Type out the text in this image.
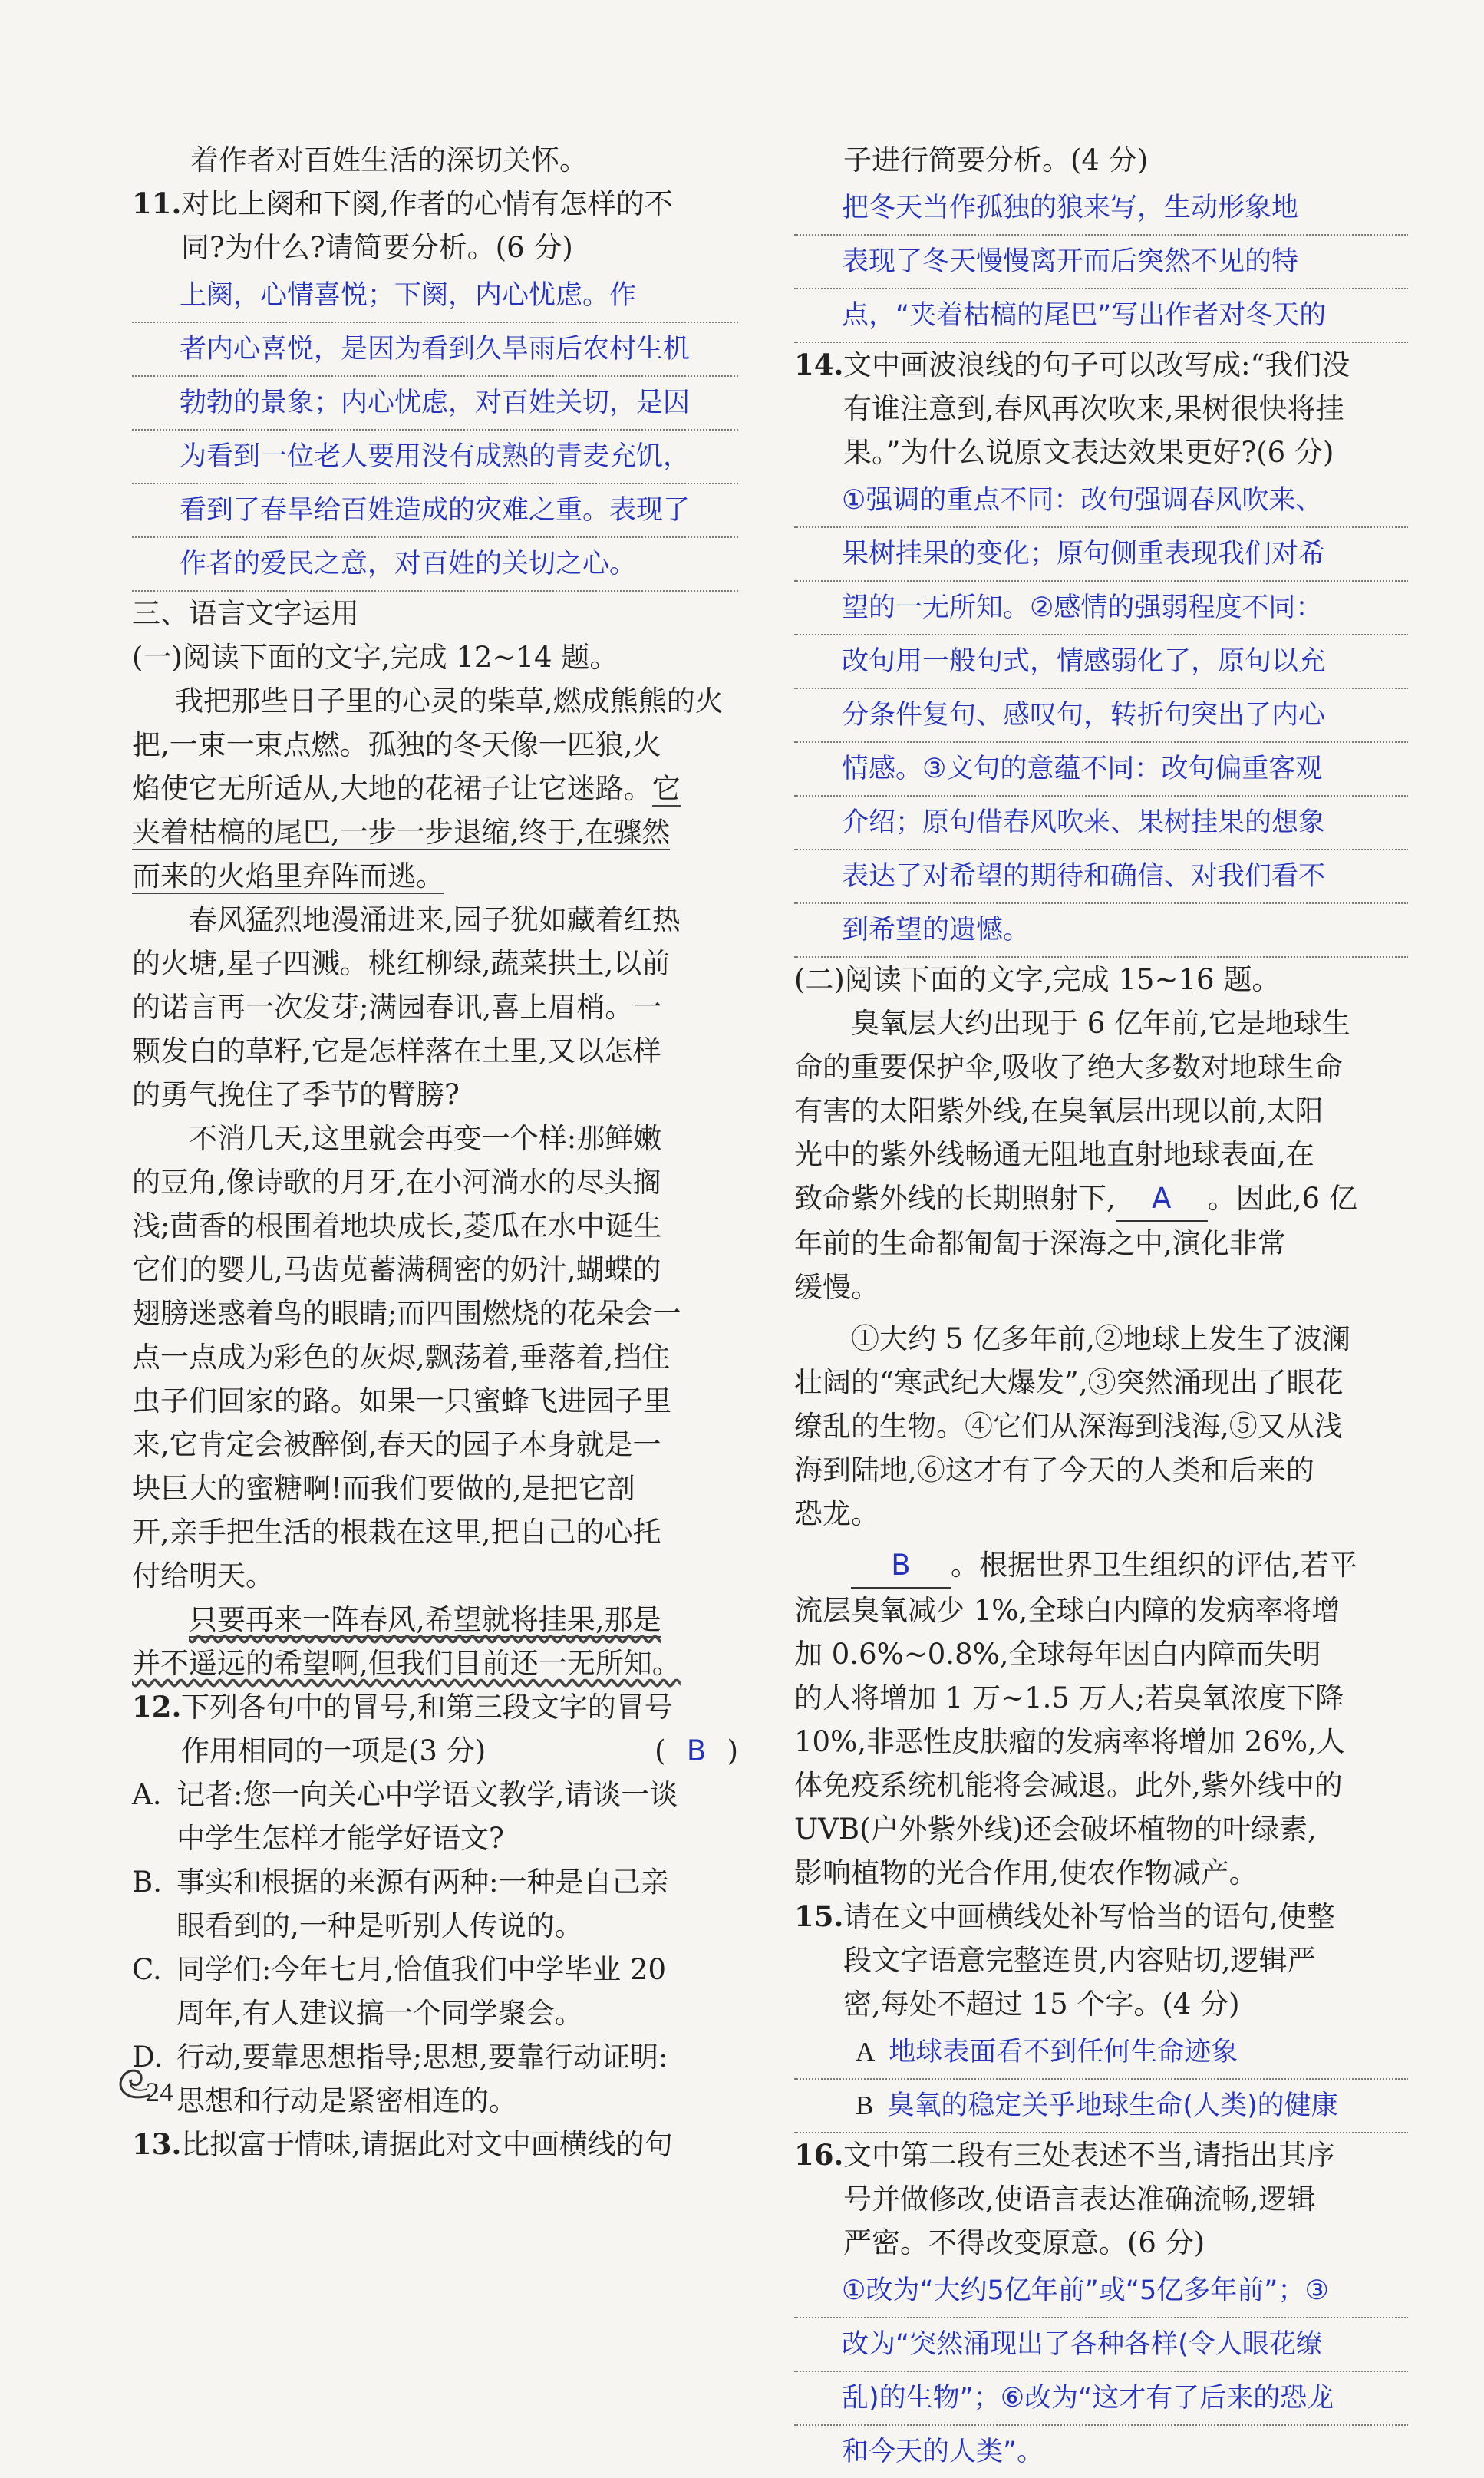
着作者对百姓生活的深切关怀。
11.对比上阕和下阕,作者的心情有怎样的不
同?为什么?请简要分析。(6 分)
上阕，心情喜悦；下阕，内心忧虑。作
者内心喜悦，是因为看到久旱雨后农村生机
勃勃的景象；内心忧虑，对百姓关切，是因
为看到一位老人要用没有成熟的青麦充饥，
看到了春旱给百姓造成的灾难之重。表现了
作者的爱民之意，对百姓的关切之心。
三、语言文字运用
(一)阅读下面的文字,完成 12~14 题。
我把那些日子里的心灵的柴草,燃成熊熊的火
把,一束一束点燃。孤独的冬天像一匹狼,火
焰使它无所适从,大地的花裙子让它迷路。它
夹着枯槁的尾巴,一步一步退缩,终于,在骤然
而来的火焰里弃阵而逃。
春风猛烈地漫涌进来,园子犹如藏着红热
的火塘,星子四溅。桃红柳绿,蔬菜拱土,以前
的诺言再一次发芽;满园春讯,喜上眉梢。一
颗发白的草籽,它是怎样落在土里,又以怎样
的勇气挽住了季节的臂膀?
不消几天,这里就会再变一个样:那鲜嫩
的豆角,像诗歌的月牙,在小河淌水的尽头搁
浅;茴香的根围着地块成长,菱瓜在水中诞生
它们的婴儿,马齿苋蓄满稠密的奶汁,蝴蝶的
翅膀迷惑着鸟的眼睛;而四围燃烧的花朵会一
点一点成为彩色的灰烬,飘荡着,垂落着,挡住
虫子们回家的路。如果一只蜜蜂飞进园子里
来,它肯定会被醉倒,春天的园子本身就是一
块巨大的蜜糖啊!而我们要做的,是把它剖
开,亲手把生活的根栽在这里,把自己的心托
付给明天。
只要再来一阵春风,希望就将挂果,那是
并不遥远的希望啊,但我们目前还一无所知。
12.下列各句中的冒号,和第三段文字的冒号
作用相同的一项是(3 分)	( B )
A. 记者:您一向关心中学语文教学,请谈一谈
中学生怎样才能学好语文?
B. 事实和根据的来源有两种:一种是自己亲
眼看到的,一种是听别人传说的。
C. 同学们:今年七月,恰值我们中学毕业 20
周年,有人建议搞一个同学聚会。
D. 行动,要靠思想指导;思想,要靠行动证明:
思想和行动是紧密相连的。
13.比拟富于情味,请据此对文中画横线的句
子进行简要分析。(4 分)
把冬天当作孤独的狼来写，生动形象地
表现了冬天慢慢离开而后突然不见的特
点，“夹着枯槁的尾巴”写出作者对冬天的
14.文中画波浪线的句子可以改写成:“我们没
有谁注意到,春风再次吹来,果树很快将挂
果。”为什么说原文表达效果更好?(6 分)
①强调的重点不同：改句强调春风吹来、
果树挂果的变化；原句侧重表现我们对希
望的一无所知。②感情的强弱程度不同：
改句用一般句式，情感弱化了，原句以充
分条件复句、感叹句，转折句突出了内心
情感。③文句的意蕴不同：改句偏重客观
介绍；原句借春风吹来、果树挂果的想象
表达了对希望的期待和确信、对我们看不
到希望的遗憾。
(二)阅读下面的文字,完成 15~16 题。
臭氧层大约出现于 6 亿年前,它是地球生
命的重要保护伞,吸收了绝大多数对地球生命
有害的太阳紫外线,在臭氧层出现以前,太阳
光中的紫外线畅通无阻地直射地球表面,在
致命紫外线的长期照射下, A 。因此,6 亿
年前的生命都匍匐于深海之中,演化非常
缓慢。
①大约 5 亿多年前,②地球上发生了波澜
壮阔的“寒武纪大爆发”,③突然涌现出了眼花
缭乱的生物。④它们从深海到浅海,⑤又从浅
海到陆地,⑥这才有了今天的人类和后来的
恐龙。
B 。根据世界卫生组织的评估,若平
流层臭氧减少 1%,全球白内障的发病率将增
加 0.6%~0.8%,全球每年因白内障而失明
的人将增加 1 万~1.5 万人;若臭氧浓度下降
10%,非恶性皮肤瘤的发病率将增加 26%,人
体免疫系统机能将会减退。此外,紫外线中的
UVB(户外紫外线)还会破坏植物的叶绿素,
影响植物的光合作用,使农作物减产。
15.请在文中画横线处补写恰当的语句,使整
段文字语意完整连贯,内容贴切,逻辑严
密,每处不超过 15 个字。(4 分)
A 地球表面看不到任何生命迹象
B 臭氧的稳定关乎地球生命(人类)的健康
16.文中第二段有三处表述不当,请指出其序
号并做修改,使语言表达准确流畅,逻辑
严密。不得改变原意。(6 分)
①改为“大约5亿年前”或“5亿多年前”；③
改为“突然涌现出了各种各样(令人眼花缭
乱)的生物”；⑥改为“这才有了后来的恐龙
和今天的人类”。
24
